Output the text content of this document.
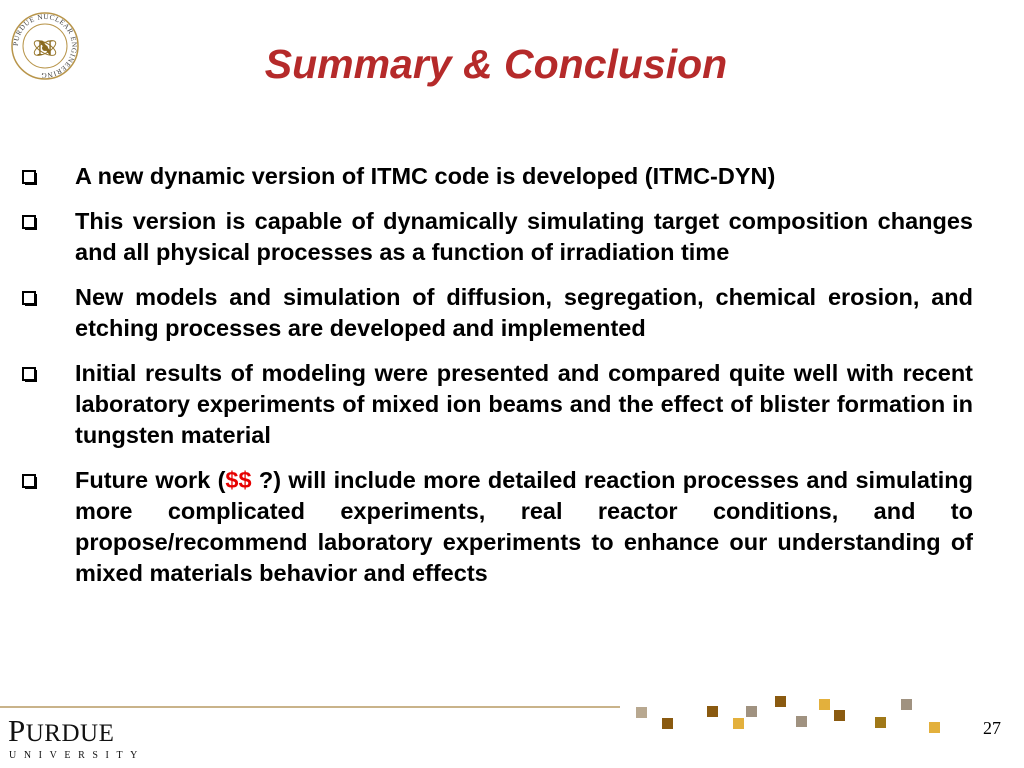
PURDUE NUCLEAR ENGINEERING
N	Summary & Conclusion
A new dynamic version of ITMC code is developed (ITMC-DYN)
This version is capable of dynamically simulating target composition changes and all physical processes as a function of irradiation time
New models and simulation of diffusion, segregation, chemical erosion, and etching processes are developed and implemented
Initial results of modeling were presented and compared quite well with recent laboratory experiments of mixed ion beams and the effect of blister formation in tungsten material
Future work ($$ ?) will include more detailed reaction processes and simulating more complicated experiments, real reactor conditions, and to propose/recommend laboratory experiments to enhance our understanding of mixed materials behavior and effects
PURDUE
UNIVERSITY
27
